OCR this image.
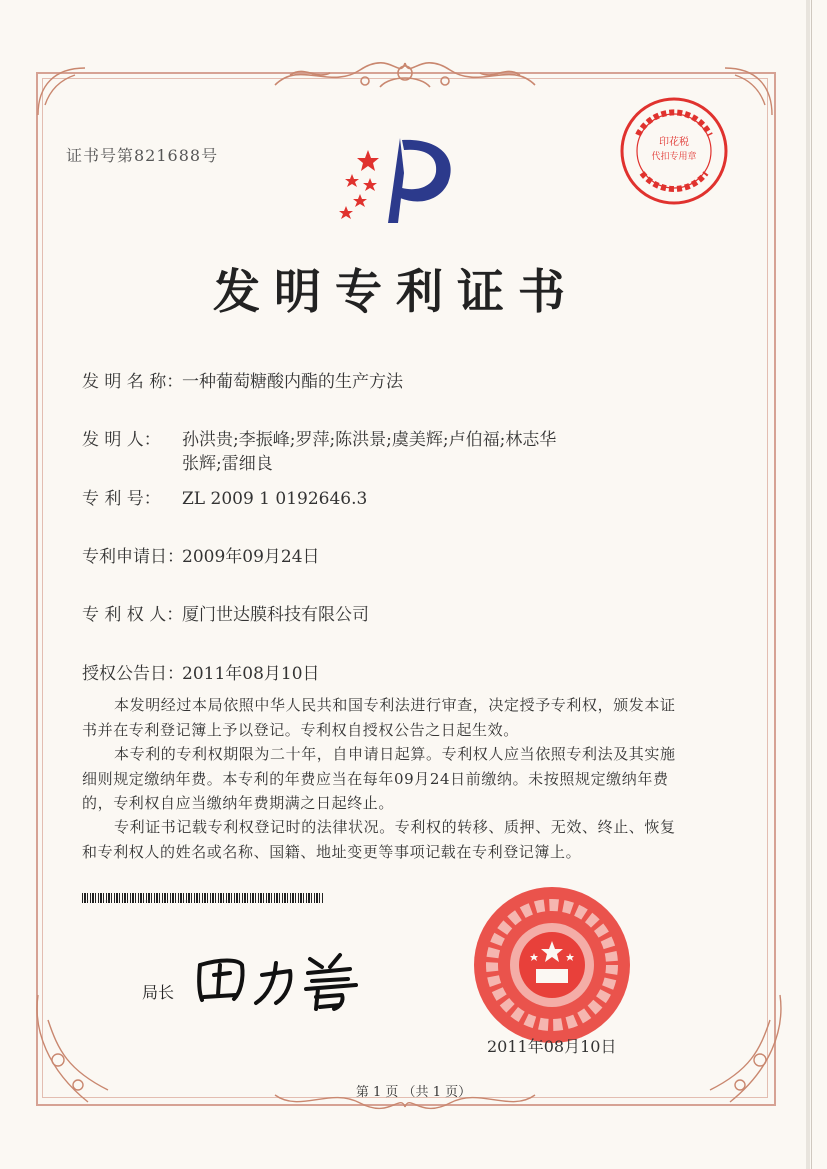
证书号第821688号
印花税
代扣专用章
发明专利证书
发 明 名 称：一种葡萄糖酸内酯的生产方法
发 明 人： 孙洪贵;李振峰;罗萍;陈洪景;虞美辉;卢伯福;林志华
张辉;雷细良
专 利 号： ZL 2009 1 0192646.3
专利申请日：2009年09月24日
专 利 权 人：厦门世达膜科技有限公司
授权公告日：2011年08月10日
本发明经过本局依照中华人民共和国专利法进行审查，决定授予专利权，颁发本证书并在专利登记簿上予以登记。专利权自授权公告之日起生效。
本专利的专利权期限为二十年，自申请日起算。专利权人应当依照专利法及其实施细则规定缴纳年费。本专利的年费应当在每年09月24日前缴纳。未按照规定缴纳年费的，专利权自应当缴纳年费期满之日起终止。
专利证书记载专利权登记时的法律状况。专利权的转移、质押、无效、终止、恢复和专利权人的姓名或名称、国籍、地址变更等事项记载在专利登记簿上。
局长
2011年08月10日
第 1 页 （共 1 页）
